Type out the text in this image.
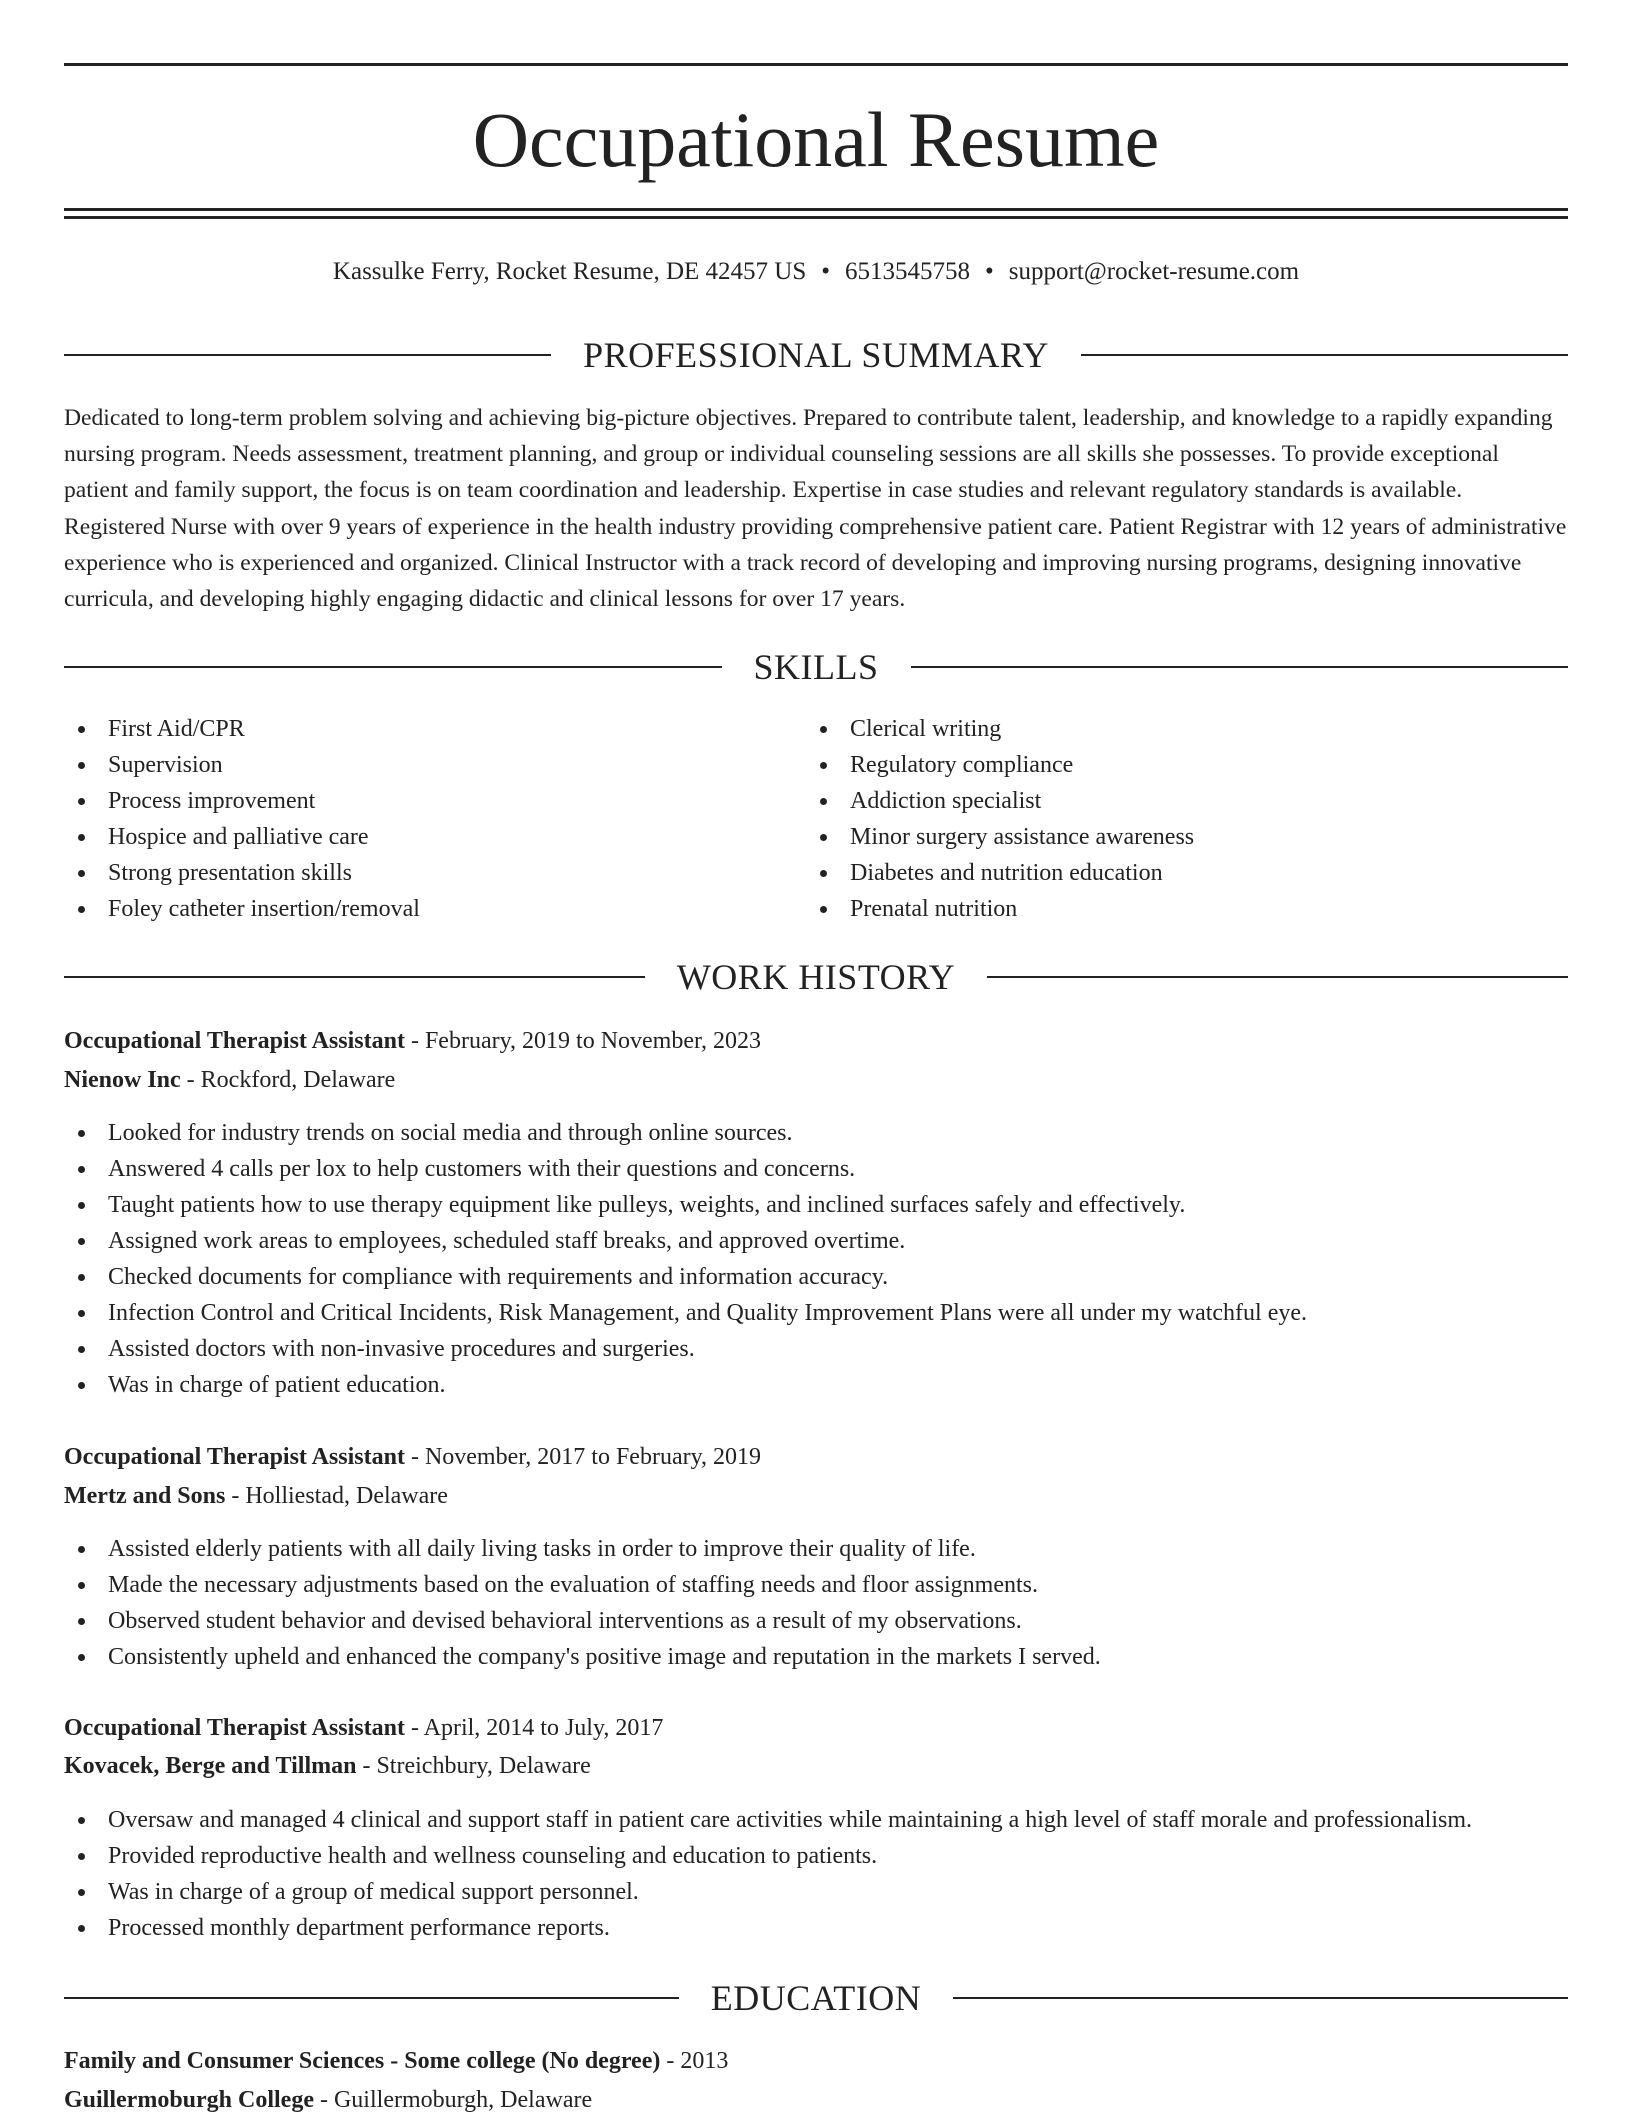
Occupational Resume
Kassulke Ferry, Rocket Resume, DE 42457 US • 6513545758 • support@rocket-resume.com
PROFESSIONAL SUMMARY

Dedicated to long-term problem solving and achieving big-picture objectives. Prepared to contribute talent, leadership, and knowledge to a rapidly expanding nursing program. Needs assessment, treatment planning, and group or individual counseling sessions are all skills she possesses. To provide exceptional patient and family support, the focus is on team coordination and leadership. Expertise in case studies and relevant regulatory standards is available. Registered Nurse with over 9 years of experience in the health industry providing comprehensive patient care. Patient Registrar with 12 years of administrative experience who is experienced and organized. Clinical Instructor with a track record of developing and improving nursing programs, designing innovative curricula, and developing highly engaging didactic and clinical lessons for over 17 years.

SKILLS
First Aid/CPR
Supervision
Process improvement
Hospice and palliative care
Strong presentation skills
Foley catheter insertion/removal
Clerical writing
Regulatory compliance
Addiction specialist
Minor surgery assistance awareness
Diabetes and nutrition education
Prenatal nutrition
WORK HISTORY
Occupational Therapist Assistant - February, 2019 to November, 2023
Nienow Inc - Rockford, Delaware
Looked for industry trends on social media and through online sources.
Answered 4 calls per lox to help customers with their questions and concerns.
Taught patients how to use therapy equipment like pulleys, weights, and inclined surfaces safely and effectively.
Assigned work areas to employees, scheduled staff breaks, and approved overtime.
Checked documents for compliance with requirements and information accuracy.
Infection Control and Critical Incidents, Risk Management, and Quality Improvement Plans were all under my watchful eye.
Assisted doctors with non-invasive procedures and surgeries.
Was in charge of patient education.
Occupational Therapist Assistant - November, 2017 to February, 2019
Mertz and Sons - Holliestad, Delaware
Assisted elderly patients with all daily living tasks in order to improve their quality of life.
Made the necessary adjustments based on the evaluation of staffing needs and floor assignments.
Observed student behavior and devised behavioral interventions as a result of my observations.
Consistently upheld and enhanced the company's positive image and reputation in the markets I served.
Occupational Therapist Assistant - April, 2014 to July, 2017
Kovacek, Berge and Tillman - Streichbury, Delaware
Oversaw and managed 4 clinical and support staff in patient care activities while maintaining a high level of staff morale and professionalism.
Provided reproductive health and wellness counseling and education to patients.
Was in charge of a group of medical support personnel.
Processed monthly department performance reports.
EDUCATION
Family and Consumer Sciences - Some college (No degree) - 2013
Guillermoburgh College - Guillermoburgh, Delaware
